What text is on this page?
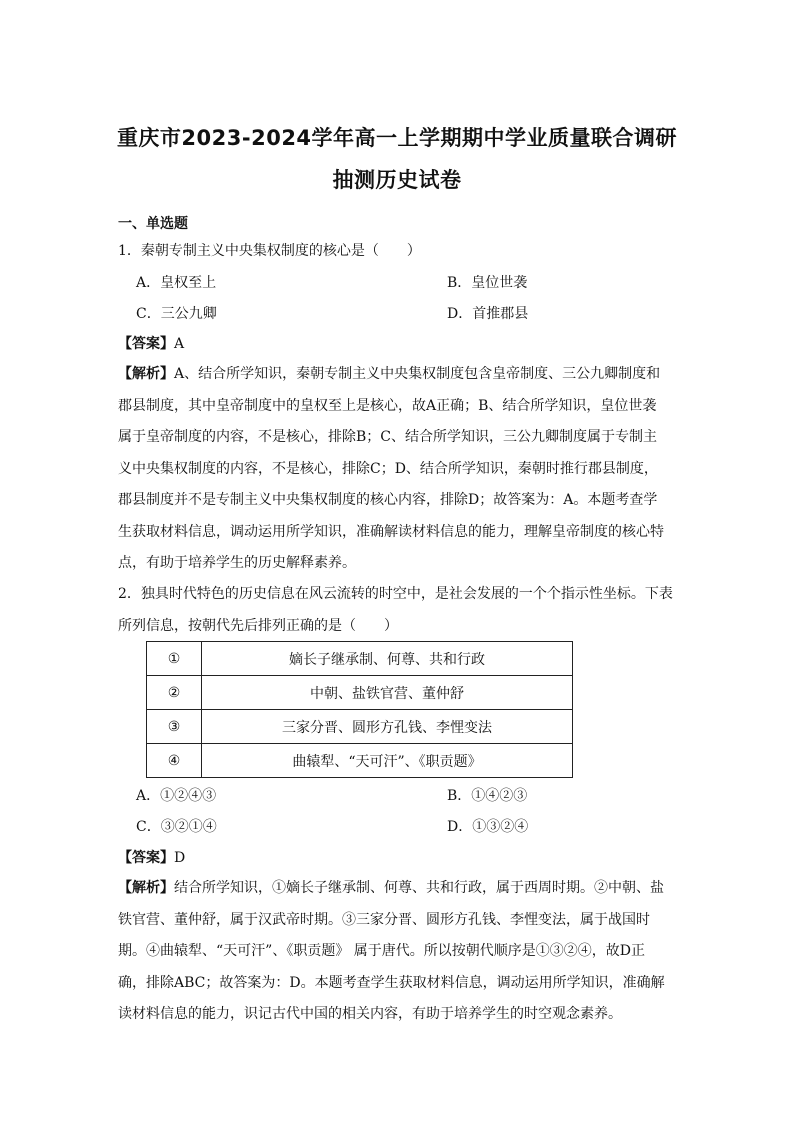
重庆市2023-2024学年高一上学期期中学业质量联合调研
抽测历史试卷
一、单选题
1．秦朝专制主义中央集权制度的核心是（　　）
A．皇权至上	B．皇位世袭
C．三公九卿	D．首推郡县
【答案】A
【解析】A、结合所学知识，秦朝专制主义中央集权制度包含皇帝制度、三公九卿制度和
郡县制度，其中皇帝制度中的皇权至上是核心，故A正确；B、结合所学知识，皇位世袭
属于皇帝制度的内容，不是核心，排除B；C、结合所学知识，三公九卿制度属于专制主
义中央集权制度的内容，不是核心，排除C；D、结合所学知识，秦朝时推行郡县制度，
郡县制度并不是专制主义中央集权制度的核心内容，排除D；故答案为：A。本题考查学
生获取材料信息，调动运用所学知识，准确解读材料信息的能力，理解皇帝制度的核心特
点，有助于培养学生的历史解释素养。
2．独具时代特色的历史信息在风云流转的时空中，是社会发展的一个个指示性坐标。下表
所列信息，按朝代先后排列正确的是（　　）
①	嫡长子继承制、何尊、共和行政
②	中朝、盐铁官营、董仲舒
③	三家分晋、圆形方孔钱、李悝变法
④	曲辕犁、“天可汗”、《职贡题》
A．①②④③	B．①④②③
C．③②①④	D．①③②④
【答案】D
【解析】结合所学知识，①嫡长子继承制、何尊、共和行政，属于西周时期。②中朝、盐
铁官营、董仲舒，属于汉武帝时期。③三家分晋、圆形方孔钱、李悝变法，属于战国时
期。④曲辕犁、“天可汗”、《职贡题》 属于唐代。所以按朝代顺序是①③②④，故D正
确，排除ABC；故答案为：D。本题考查学生获取材料信息，调动运用所学知识，准确解
读材料信息的能力，识记古代中国的相关内容，有助于培养学生的时空观念素养。
